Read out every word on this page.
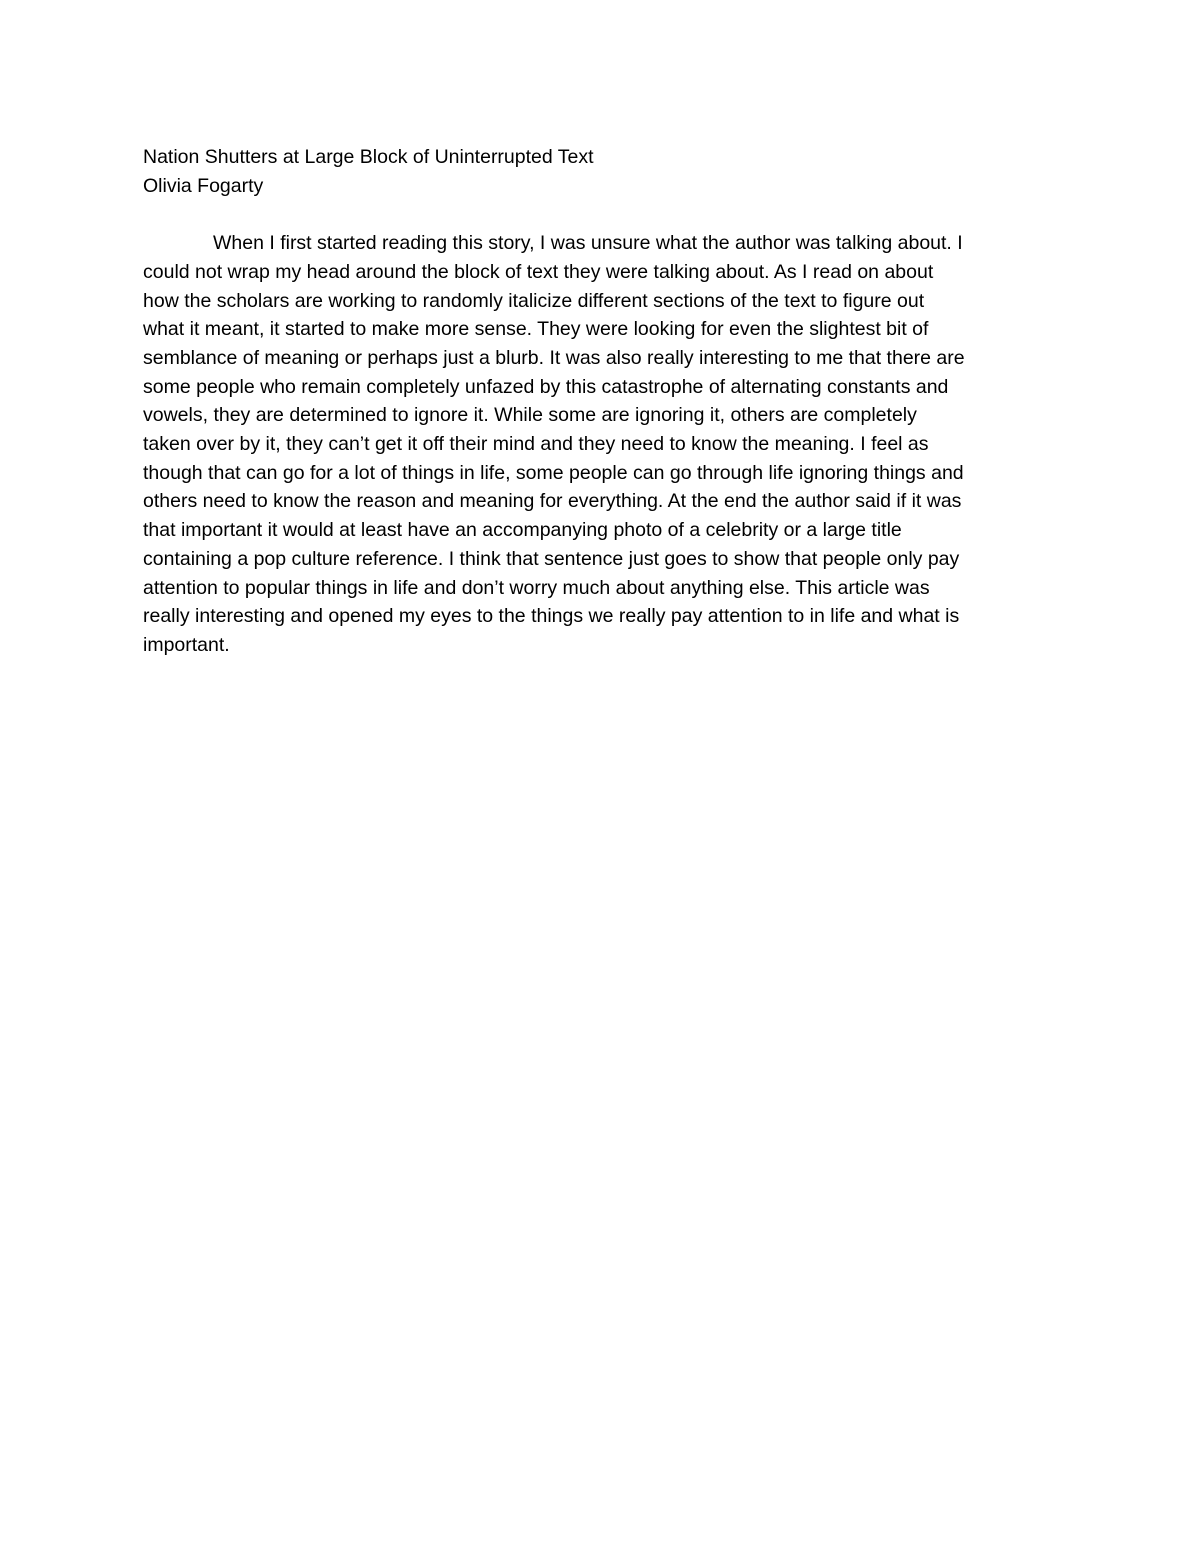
Nation Shutters at Large Block of Uninterrupted Text
Olivia Fogarty
When I first started reading this story, I was unsure what the author was talking about. I
could not wrap my head around the block of text they were talking about. As I read on about
how the scholars are working to randomly italicize different sections of the text to figure out
what it meant, it started to make more sense. They were looking for even the slightest bit of
semblance of meaning or perhaps just a blurb. It was also really interesting to me that there are
some people who remain completely unfazed by this catastrophe of alternating constants and
vowels, they are determined to ignore it. While some are ignoring it, others are completely
taken over by it, they can’t get it off their mind and they need to know the meaning. I feel as
though that can go for a lot of things in life, some people can go through life ignoring things and
others need to know the reason and meaning for everything. At the end the author said if it was
that important it would at least have an accompanying photo of a celebrity or a large title
containing a pop culture reference. I think that sentence just goes to show that people only pay
attention to popular things in life and don’t worry much about anything else. This article was
really interesting and opened my eyes to the things we really pay attention to in life and what is
important.
